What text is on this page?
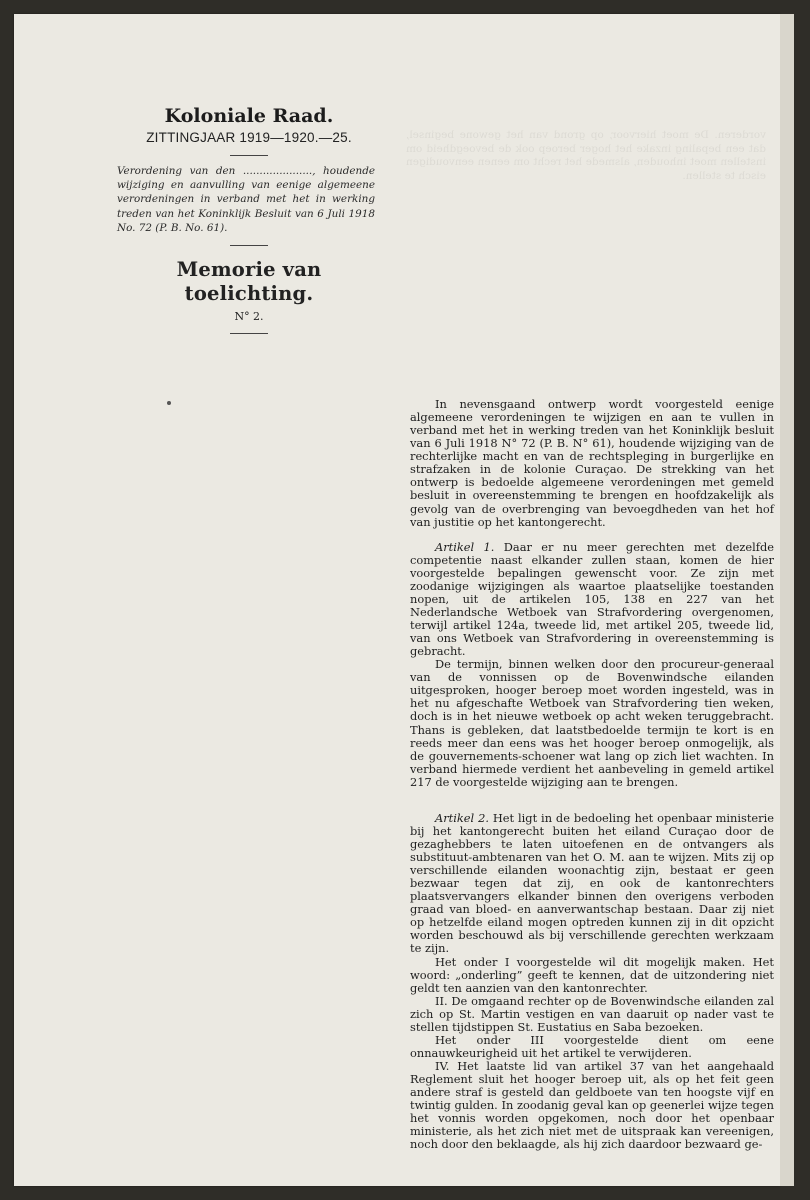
Koloniale Raad.

ZITTINGJAAR 1919—1920.—25.

Verordening van den ....................., houdende wijziging en aanvulling van eenige algemeene verordeningen in verband met het in werking treden van het Koninklijk Besluit van 6 Juli 1918 No. 72 (P. B. No. 61).

Memorie van toelichting.

N° 2.

vorderen. De moet hiervoor, op grond van het gewone beginsel, dat een bepaling inzake het hoger beroep ook de bevoegdheid om instellen moet inhouden, alsmede het recht om eenen eenvoudigen eisch te stellen.

In nevensgaand ontwerp wordt voorgesteld eenige algemeene verordeningen te wijzigen en aan te vullen in verband met het in werking treden van het Koninklijk besluit van 6 Juli 1918 N° 72 (P. B. N° 61), houdende wijziging van de rechterlijke macht en van de rechtspleging in burgerlijke en strafzaken in de kolonie Curaçao. De strekking van het ontwerp is bedoelde algemeene verordeningen met gemeld besluit in overeenstemming te brengen en hoofdzakelijk als gevolg van de overbrenging van bevoegdheden van het hof van justitie op het kantongerecht.

Artikel 1. Daar er nu meer gerechten met dezelfde competentie naast elkander zullen staan, komen de hier voorgestelde bepalingen gewenscht voor. Ze zijn met zoodanige wijzigingen als waartoe plaatselijke toestanden nopen, uit de artikelen 105, 138 en 227 van het Nederlandsche Wetboek van Strafvordering overgenomen, terwijl artikel 124a, tweede lid, met artikel 205, tweede lid, van ons Wetboek van Strafvordering in overeenstemming is gebracht.

De termijn, binnen welken door den procureur-generaal van de vonnissen op de Bovenwindsche eilanden uitgesproken, hooger beroep moet worden ingesteld, was in het nu afgeschafte Wetboek van Strafvordering tien weken, doch is in het nieuwe wetboek op acht weken teruggebracht. Thans is gebleken, dat laatstbedoelde termijn te kort is en reeds meer dan eens was het hooger beroep onmogelijk, als de gouvernements-schoener wat lang op zich liet wachten. In verband hiermede verdient het aanbeveling in gemeld artikel 217 de voorgestelde wijziging aan te brengen.

Artikel 2. Het ligt in de bedoeling het openbaar ministerie bij het kantongerecht buiten het eiland Curaçao door de gezaghebbers te laten uitoefenen en de ontvangers als substituut-ambtenaren van het O. M. aan te wijzen. Mits zij op verschillende eilanden woonachtig zijn, bestaat er geen bezwaar tegen dat zij, en ook de kantonrechters plaatsvervangers elkander binnen den overigens verboden graad van bloed- en aanverwantschap bestaan. Daar zij niet op hetzelfde eiland mogen optreden kunnen zij in dit opzicht worden beschouwd als bij verschillende gerechten werkzaam te zijn.

Het onder I voorgestelde wil dit mogelijk maken. Het woord: „onderling” geeft te kennen, dat de uitzondering niet geldt ten aanzien van den kantonrechter.

II. De omgaand rechter op de Bovenwindsche eilanden zal zich op St. Martin vestigen en van daaruit op nader vast te stellen tijdstippen St. Eustatius en Saba bezoeken.

Het onder III voorgestelde dient om eene onnauwkeurigheid uit het artikel te verwijderen.

IV. Het laatste lid van artikel 37 van het aangehaald Reglement sluit het hooger beroep uit, als op het feit geen andere straf is gesteld dan geldboete van ten hoogste vijf en twintig gulden. In zoodanig geval kan op geenerlei wijze tegen het vonnis worden opgekomen, noch door het openbaar ministerie, als het zich niet met de uitspraak kan vereenigen, noch door den beklaagde, als hij zich daardoor bezwaard ge-
